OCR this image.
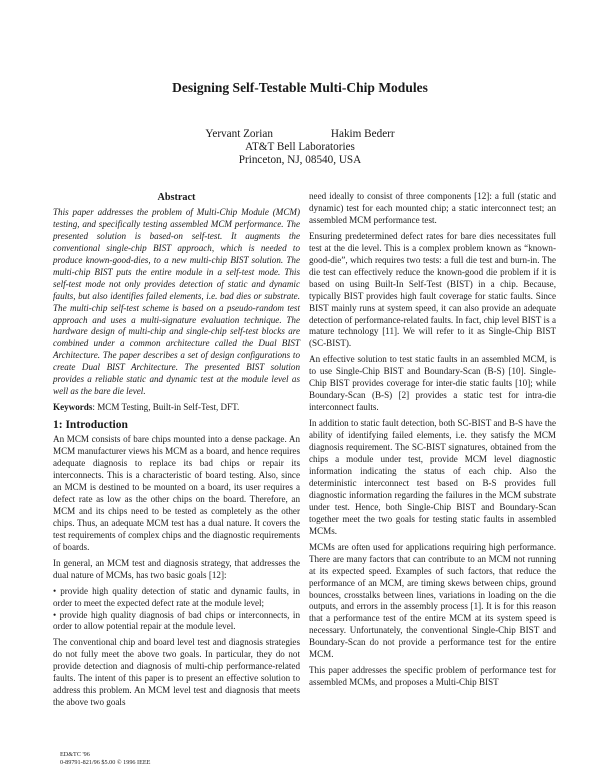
Designing Self-Testable Multi-Chip Modules
Yervant Zorian	Hakim Bederr
AT&T Bell Laboratories
Princeton, NJ, 08540, USA
Abstract

This paper addresses the problem of Multi-Chip Module (MCM) testing, and specifically testing assembled MCM performance. The presented solution is based-on self-test. It augments the conventional single-chip BIST approach, which is needed to produce known-good-dies, to a new multi-chip BIST solution. The multi-chip BIST puts the entire module in a self-test mode. This self-test mode not only provides detection of static and dynamic faults, but also identifies failed elements, i.e. bad dies or substrate. The multi-chip self-test scheme is based on a pseudo-random test approach and uses a multi-signature evaluation technique. The hardware design of multi-chip and single-chip self-test blocks are combined under a common architecture called the Dual BIST Architecture. The paper describes a set of design configurations to create Dual BIST Architecture. The presented BIST solution provides a reliable static and dynamic test at the module level as well as the bare die level.

Keywords: MCM Testing, Built-in Self-Test, DFT.

1: Introduction

An MCM consists of bare chips mounted into a dense package. An MCM manufacturer views his MCM as a board, and hence requires adequate diagnosis to replace its bad chips or repair its interconnects. This is a characteristic of board testing. Also, since an MCM is destined to be mounted on a board, its user requires a defect rate as low as the other chips on the board. Therefore, an MCM and its chips need to be tested as completely as the other chips. Thus, an adequate MCM test has a dual nature. It covers the test requirements of complex chips and the diagnostic requirements of boards.

In general, an MCM test and diagnosis strategy, that addresses the dual nature of MCMs, has two basic goals [12]:

• provide high quality detection of static and dynamic faults, in order to meet the expected defect rate at the module level;

• provide high quality diagnosis of bad chips or interconnects, in order to allow potential repair at the module level.

The conventional chip and board level test and diagnosis strategies do not fully meet the above two goals. In particular, they do not provide detection and diagnosis of multi-chip performance-related faults. The intent of this paper is to present an effective solution to address this problem. An MCM level test and diagnosis that meets the above two goals

need ideally to consist of three components [12]: a full (static and dynamic) test for each mounted chip; a static interconnect test; an assembled MCM performance test.

Ensuring predetermined defect rates for bare dies necessitates full test at the die level. This is a complex problem known as “known-good-die”, which requires two tests: a full die test and burn-in. The die test can effectively reduce the known-good die problem if it is based on using Built-In Self-Test (BIST) in a chip. Because, typically BIST provides high fault coverage for static faults. Since BIST mainly runs at system speed, it can also provide an adequate detection of performance-related faults. In fact, chip level BIST is a mature technology [11]. We will refer to it as Single-Chip BIST (SC-BIST).

An effective solution to test static faults in an assembled MCM, is to use Single-Chip BIST and Boundary-Scan (B-S) [10]. Single-Chip BIST provides coverage for inter-die static faults [10]; while Boundary-Scan (B-S) [2] provides a static test for intra-die interconnect faults.

In addition to static fault detection, both SC-BIST and B-S have the ability of identifying failed elements, i.e. they satisfy the MCM diagnosis requirement. The SC-BIST signatures, obtained from the chips a module under test, provide MCM level diagnostic information indicating the status of each chip. Also the deterministic interconnect test based on B-S provides full diagnostic information regarding the failures in the MCM substrate under test. Hence, both Single-Chip BIST and Boundary-Scan together meet the two goals for testing static faults in assembled MCMs.

MCMs are often used for applications requiring high performance. There are many factors that can contribute to an MCM not running at its expected speed. Examples of such factors, that reduce the performance of an MCM, are timing skews between chips, ground bounces, crosstalks between lines, variations in loading on the die outputs, and errors in the assembly process [1]. It is for this reason that a performance test of the entire MCM at its system speed is necessary. Unfortunately, the conventional Single-Chip BIST and Boundary-Scan do not provide a performance test for the entire MCM.

This paper addresses the specific problem of performance test for assembled MCMs, and proposes a Multi-Chip BIST

ED&TC '96
0-89791-821/96 $5.00 © 1996 IEEE
